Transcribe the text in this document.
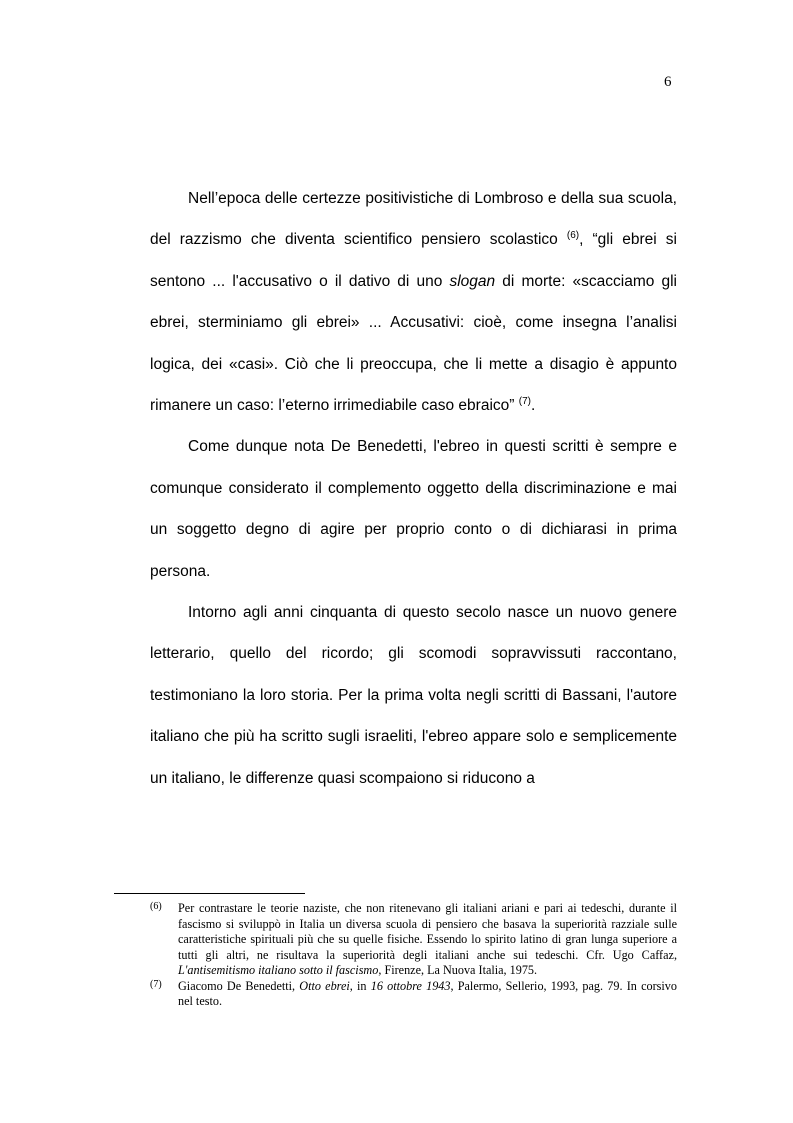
6

Nell’epoca delle certezze positivistiche di Lombroso e della sua scuola, del razzismo che diventa scientifico pensiero scolastico $^{(6)}$, “gli ebrei si sentono ... l'accusativo o il dativo di uno slogan di morte: «scacciamo gli ebrei, sterminiamo gli ebrei» ... Accusativi: cioè, come insegna l’analisi logica, dei «casi». Ciò che li preoccupa, che li mette a disagio è appunto rimanere un caso: l’eterno irrimediabile caso ebraico” $^{(7)}$.

Come dunque nota De Benedetti, l'ebreo in questi scritti è sempre e comunque considerato il complemento oggetto della discriminazione e mai un soggetto degno di agire per proprio conto o di dichiarasi in prima persona.

Intorno agli anni cinquanta di questo secolo nasce un nuovo genere letterario, quello del ricordo; gli scomodi sopravvissuti raccontano, testimoniano la loro storia. Per la prima volta negli scritti di Bassani, l'autore italiano che più ha scritto sugli israeliti, l'ebreo appare solo e semplicemente un italiano, le differenze quasi scompaiono si riducono a

(6) Per contrastare le teorie naziste, che non ritenevano gli italiani ariani e pari ai tedeschi, durante il fascismo si sviluppò in Italia un diversa scuola di pensiero che basava la superiorità razziale sulle caratteristiche spirituali più che su quelle fisiche. Essendo lo spirito latino di gran lunga superiore a tutti gli altri, ne risultava la superiorità degli italiani anche sui tedeschi. Cfr. Ugo Caffaz, L'antisemitismo italiano sotto il fascismo, Firenze, La Nuova Italia, 1975.
(7) Giacomo De Benedetti, Otto ebrei, in 16 ottobre 1943, Palermo, Sellerio, 1993, pag. 79. In corsivo nel testo.
